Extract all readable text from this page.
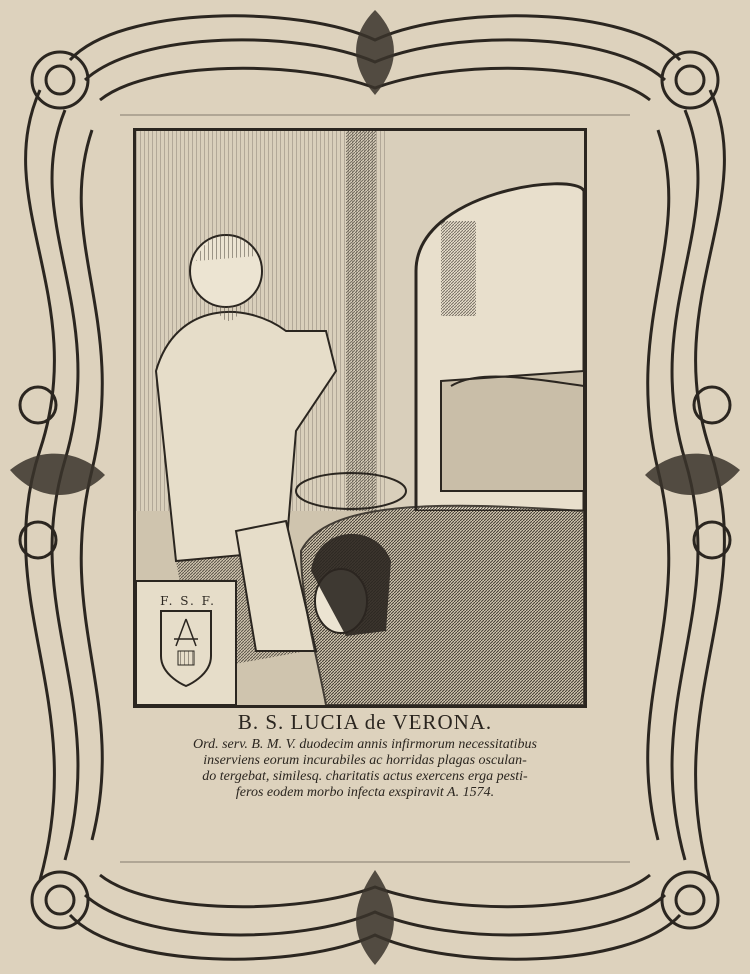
F. S. F.

B. S. LUCIA de VERONA.

Ord. serv. B. M. V. duodecim annis infirmorum necessitatibus

inserviens eorum incurabiles ac horridas plagas osculan-

do tergebat, similesq. charitatis actus exercens erga pesti-

feros eodem morbo infecta exspiravit A. 1574.
